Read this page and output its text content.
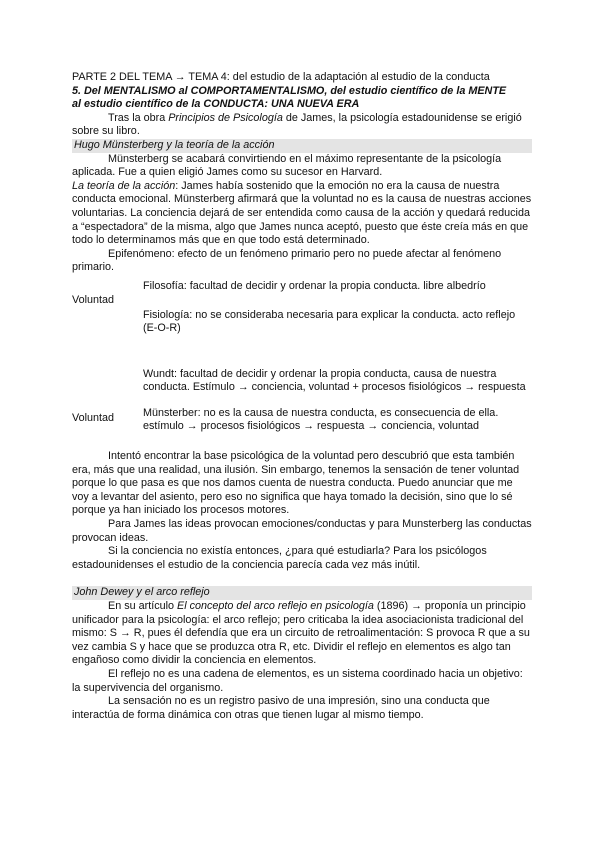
PARTE 2 DEL TEMA → TEMA 4: del estudio de la adaptación al estudio de la conducta

5. Del MENTALISMO al COMPORTAMENTALISMO, del estudio científico de la MENTE

al estudio científico de la CONDUCTA: UNA NUEVA ERA

Tras la obra Principios de Psicología de James, la psicología estadounidense se erigió sobre su libro.

Hugo Münsterberg y la teoría de la acción

Münsterberg se acabará convirtiendo en el máximo representante de la psicología aplicada. Fue a quien eligió James como su sucesor en Harvard.

La teoría de la acción: James había sostenido que la emoción no era la causa de nuestra conducta emocional. Münsterberg afirmará que la voluntad no es la causa de nuestras acciones voluntarias. La conciencia dejará de ser entendida como causa de la acción y quedará reducida a “espectadora” de la misma, algo que James nunca aceptó, puesto que éste creía más en que todo lo determinamos más que en que todo está determinado.

Epifenómeno: efecto de un fenómeno primario pero no puede afectar al fenómeno primario.

Voluntad

Filosofía: facultad de decidir y ordenar la propia conducta. libre albedrío

Fisiología: no se consideraba necesaria para explicar la conducta. acto reflejo (E-O-R)

Voluntad

Wundt: facultad de decidir y ordenar la propia conducta, causa de nuestra conducta. Estímulo → conciencia, voluntad + procesos fisiológicos → respuesta

Münsterber: no es la causa de nuestra conducta, es consecuencia de ella. estímulo → procesos fisiológicos → respuesta → conciencia, voluntad

Intentó encontrar la base psicológica de la voluntad pero descubrió que esta también era, más que una realidad, una ilusión. Sin embargo, tenemos la sensación de tener voluntad porque lo que pasa es que nos damos cuenta de nuestra conducta. Puedo anunciar que me voy a levantar del asiento, pero eso no significa que haya tomado la decisión, sino que lo sé porque ya han iniciado los procesos motores.

Para James las ideas provocan emociones/conductas y para Munsterberg las conductas provocan ideas.

Si la conciencia no existía entonces, ¿para qué estudiarla? Para los psicólogos estadounidenses el estudio de la conciencia parecía cada vez más inútil.

John Dewey y el arco reflejo

En su artículo El concepto del arco reflejo en psicología (1896) → proponía un principio unificador para la psicología: el arco reflejo; pero criticaba la idea asociacionista tradicional del mismo: S → R, pues él defendía que era un circuito de retroalimentación: S provoca R que a su vez cambia S y hace que se produzca otra R, etc. Dividir el reflejo en elementos es algo tan engañoso como dividir la conciencia en elementos.

El reflejo no es una cadena de elementos, es un sistema coordinado hacia un objetivo: la supervivencia del organismo.

La sensación no es un registro pasivo de una impresión, sino una conducta que interactúa de forma dinámica con otras que tienen lugar al mismo tiempo.
